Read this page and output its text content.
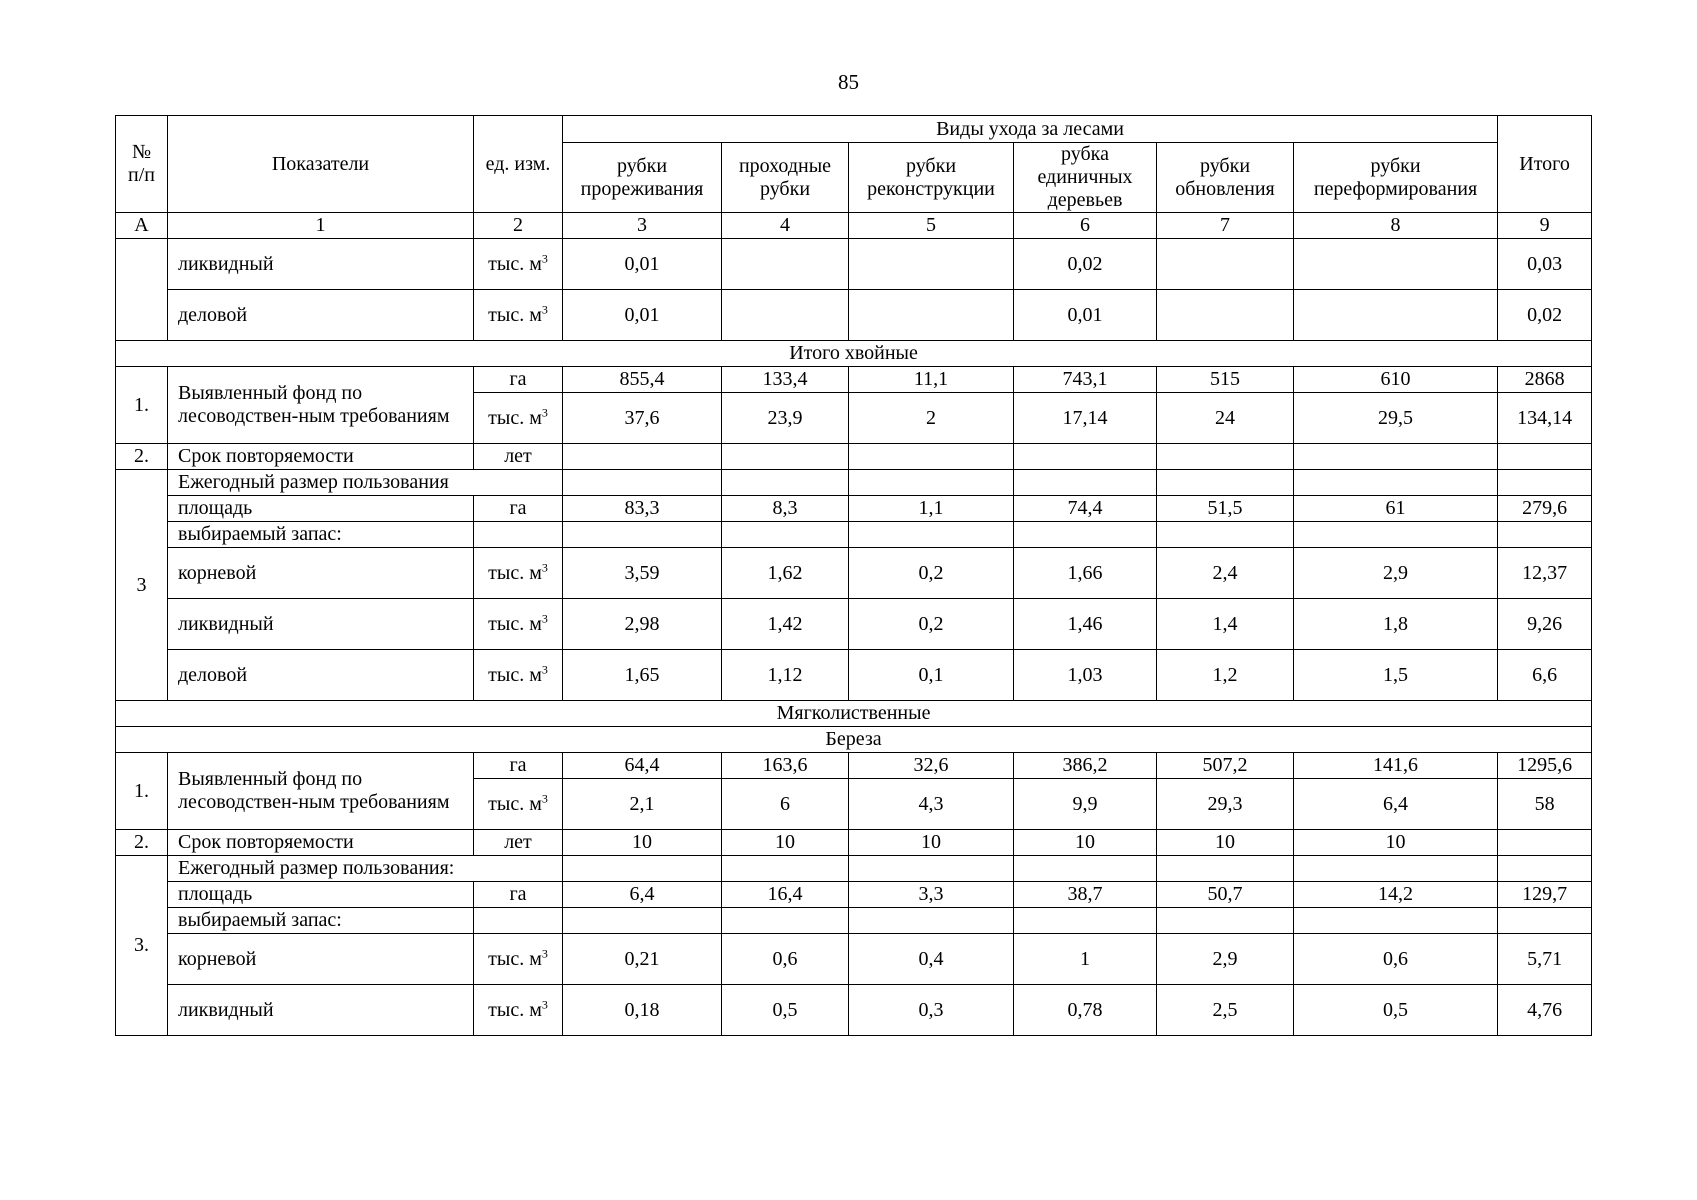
85
№ п/п	Показатели	ед. изм.	Виды ухода за лесами						Итого
			рубки прореживания	проходные рубки	рубки реконструкции	рубка единичных деревьев	рубки обновления	рубки переформирования	
А	1	2	3	4	5	6	7	8	9
	ликвидный	тыс. $м^3$	0,01			0,02			0,03
	деловой	тыс. $м^3$	0,01			0,01			0,02
Итого хвойные									
1.	Выявленный фонд по лесоводствен-ным требованиям	га	855,4	133,4	11,1	743,1	515	610	2868
		тыс. $м^3$	37,6	23,9	2	17,14	24	29,5	134,14
2.	Срок повторяемости	лет							
3	Ежегодный размер пользования								
	площадь	га	83,3	8,3	1,1	74,4	51,5	61	279,6
	выбираемый запас:								
	корневой	тыс. $м^3$	3,59	1,62	0,2	1,66	2,4	2,9	12,37
	ликвидный	тыс. $м^3$	2,98	1,42	0,2	1,46	1,4	1,8	9,26
	деловой	тыс. $м^3$	1,65	1,12	0,1	1,03	1,2	1,5	6,6
Мягколиственные									
Береза									
1.	Выявленный фонд по лесоводствен-ным требованиям	га	64,4	163,6	32,6	386,2	507,2	141,6	1295,6
		тыс. $м^3$	2,1	6	4,3	9,9	29,3	6,4	58
2.	Срок повторяемости	лет	10	10	10	10	10	10	
3.	Ежегодный размер пользования:								
	площадь	га	6,4	16,4	3,3	38,7	50,7	14,2	129,7
	выбираемый запас:								
	корневой	тыс. $м^3$	0,21	0,6	0,4	1	2,9	0,6	5,71
	ликвидный	тыс. $м^3$	0,18	0,5	0,3	0,78	2,5	0,5	4,76
